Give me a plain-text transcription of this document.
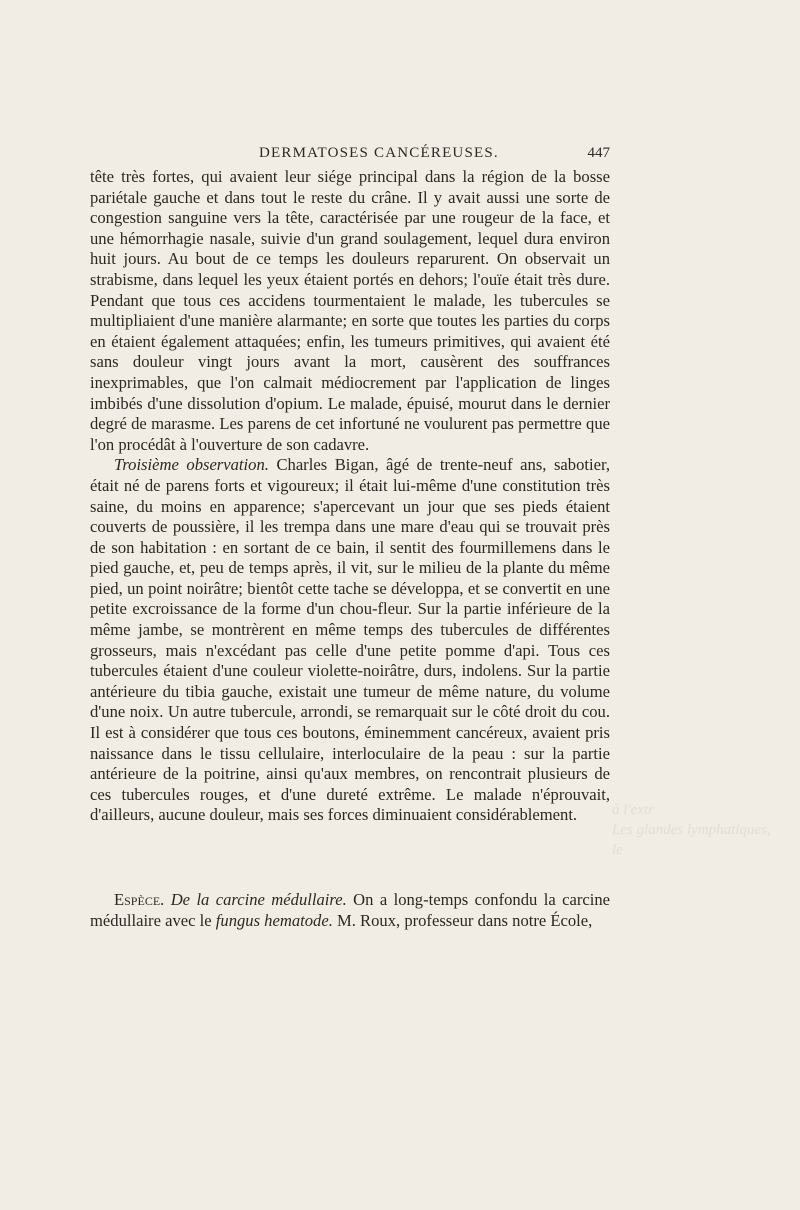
DERMATOSES CANCÉREUSES.	447

tête très fortes, qui avaient leur siége principal dans la région de la bosse pariétale gauche et dans tout le reste du crâne. Il y avait aussi une sorte de congestion sanguine vers la tête, caractérisée par une rougeur de la face, et une hémorrhagie nasale, suivie d'un grand soulagement, lequel dura environ huit jours. Au bout de ce temps les douleurs reparurent. On observait un strabisme, dans lequel les yeux étaient portés en dehors; l'ouïe était très dure. Pendant que tous ces accidens tourmentaient le malade, les tubercules se multipliaient d'une manière alarmante; en sorte que toutes les parties du corps en étaient également attaquées; enfin, les tumeurs primitives, qui avaient été sans douleur vingt jours avant la mort, causèrent des souffrances inexprimables, que l'on calmait médiocrement par l'application de linges imbibés d'une dissolution d'opium. Le malade, épuisé, mourut dans le dernier degré de marasme. Les parens de cet infortuné ne voulurent pas permettre que l'on procédât à l'ouverture de son cadavre.

Troisième observation. Charles Bigan, âgé de trente-neuf ans, sabotier, était né de parens forts et vigoureux; il était lui-même d'une constitution très saine, du moins en apparence; s'apercevant un jour que ses pieds étaient couverts de poussière, il les trempa dans une mare d'eau qui se trouvait près de son habitation : en sortant de ce bain, il sentit des fourmillemens dans le pied gauche, et, peu de temps après, il vit, sur le milieu de la plante du même pied, un point noirâtre; bientôt cette tache se développa, et se convertit en une petite excroissance de la forme d'un chou-fleur. Sur la partie inférieure de la même jambe, se montrèrent en même temps des tubercules de différentes grosseurs, mais n'excédant pas celle d'une petite pomme d'api. Tous ces tubercules étaient d'une couleur violette-noirâtre, durs, indolens. Sur la partie antérieure du tibia gauche, existait une tumeur de même nature, du volume d'une noix. Un autre tubercule, arrondi, se remarquait sur le côté droit du cou. Il est à considérer que tous ces boutons, éminemment cancéreux, avaient pris naissance dans le tissu cellulaire, interloculaire de la peau : sur la partie antérieure de la poitrine, ainsi qu'aux membres, on rencontrait plusieurs de ces tubercules rouges, et d'une dureté extrême. Le malade n'éprouvait, d'ailleurs, aucune douleur, mais ses forces diminuaient considérablement.

Espèce. De la carcine médullaire. On a long-temps confondu la carcine médullaire avec le fungus hematode. M. Roux, professeur dans notre École,

à l'extr
Les glandes lymphatiques,
le
